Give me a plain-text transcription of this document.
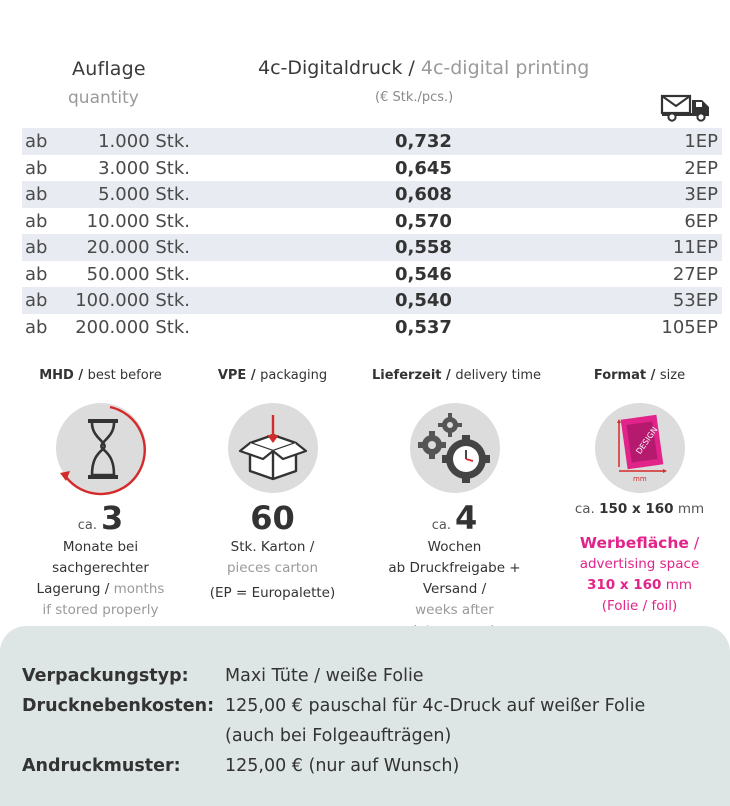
Auflage
quantity
4c-Digitaldruck / 4c-digital printing
(€ Stk./pcs.)
ab	1.000 Stk.	0,732	1EP
ab	3.000 Stk.	0,645	2EP
ab	5.000 Stk.	0,608	3EP
ab 10.000 Stk.	0,570	6EP
ab 20.000 Stk.	0,558	11EP
ab 50.000 Stk.	0,546	27EP
ab 100.000 Stk.	0,540	53EP
ab 200.000 Stk.	0,537	105EP
MHD / best before
ca. 3
Monate bei
sachgerechter
Lagerung / months
if stored properly
VPE / packaging
60
Stk. Karton /
pieces carton
(EP = Europalette)
Lieferzeit / delivery time
ca. 4
Wochen
ab Druckfreigabe + Versand /
weeks after
Format / size
DESIGN
mm
ca. 150 x 160 mm
Werbefläche /
advertising space
310 x 160 mm
(Folie / foil)
Verpackungstyp: Maxi Tüte / weiße Folie
Drucknebenkosten: 125,00 € pauschal für 4c-Druck auf weißer Folie
(auch bei Folgeaufträgen)
Andruckmuster:	125,00 € (nur auf Wunsch)
